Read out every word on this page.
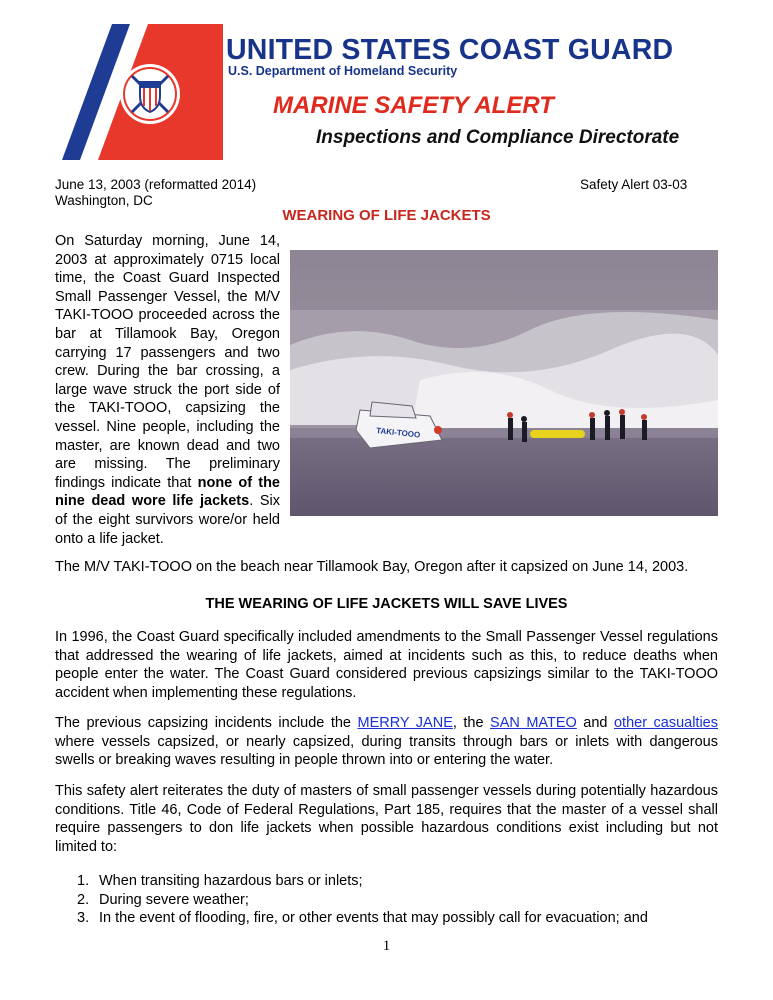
UNITED STATES COAST GUARD
U.S. Department of Homeland Security
MARINE SAFETY ALERT
Inspections and Compliance Directorate
June 13, 2003 (reformatted 2014)
Washington, DC
Safety Alert 03-03
WEARING OF LIFE JACKETS
TAKI-TOOO

On Saturday morning, June 14, 2003 at approximately 0715 local time, the Coast Guard Inspected Small Passenger Vessel, the M/V TAKI-TOOO proceeded across the bar at Tillamook Bay, Oregon carrying 17 passengers and two crew. During the bar crossing, a large wave struck the port side of the TAKI-TOOO, capsizing the vessel. Nine people, including the master, are known dead and two are missing. The preliminary findings indicate that none of the nine dead wore life jackets. Six of the eight survivors wore/or held onto a life jacket.

The M/V TAKI-TOOO on the beach near Tillamook Bay, Oregon after it capsized on June 14, 2003.

THE WEARING OF LIFE JACKETS WILL SAVE LIVES

In 1996, the Coast Guard specifically included amendments to the Small Passenger Vessel regulations that addressed the wearing of life jackets, aimed at incidents such as this, to reduce deaths when people enter the water. The Coast Guard considered previous capsizings similar to the TAKI-TOOO accident when implementing these regulations.

The previous capsizing incidents include the MERRY JANE, the SAN MATEO and other casualties where vessels capsized, or nearly capsized, during transits through bars or inlets with dangerous swells or breaking waves resulting in people thrown into or entering the water.

This safety alert reiterates the duty of masters of small passenger vessels during potentially hazardous conditions. Title 46, Code of Federal Regulations, Part 185, requires that the master of a vessel shall require passengers to don life jackets when possible hazardous conditions exist including but not limited to:

1. When transiting hazardous bars or inlets;
2. During severe weather;
3. In the event of flooding, fire, or other events that may possibly call for evacuation; and
1
